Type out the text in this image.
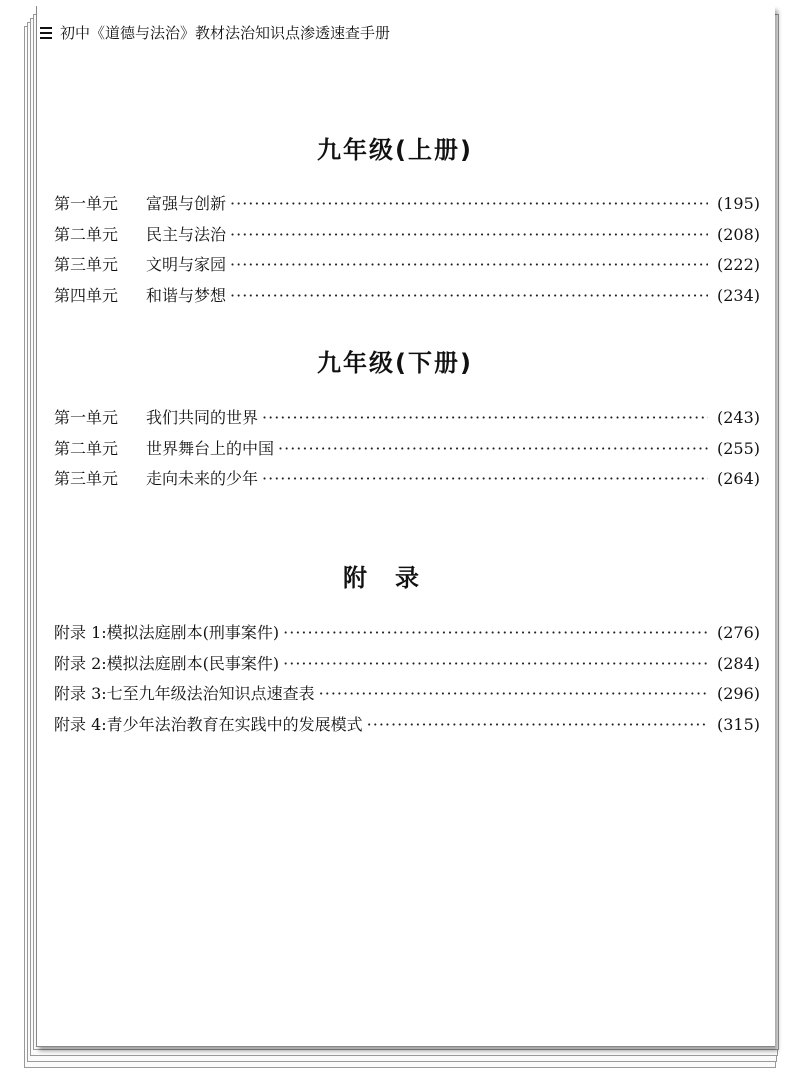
初中《道德与法治》教材法治知识点渗透速查手册
九年级(上册)
第一单元	富强与创新 ·····	(195)
第二单元	民主与法治 ·····	(208)
第三单元	文明与家园 ·····	(222)
第四单元	和谐与梦想 ·····	(234)
九年级(下册)
第一单元	我们共同的世界 ·····	(243)
第二单元	世界舞台上的中国 ·····	(255)
第三单元	走向未来的少年 ·····	(264)
附录
附录 1:模拟法庭剧本(刑事案件) ·····	(276)
附录 2:模拟法庭剧本(民事案件) ·····	(284)
附录 3:七至九年级法治知识点速查表 ·····	(296)
附录 4:青少年法治教育在实践中的发展模式 ·····	(315)
